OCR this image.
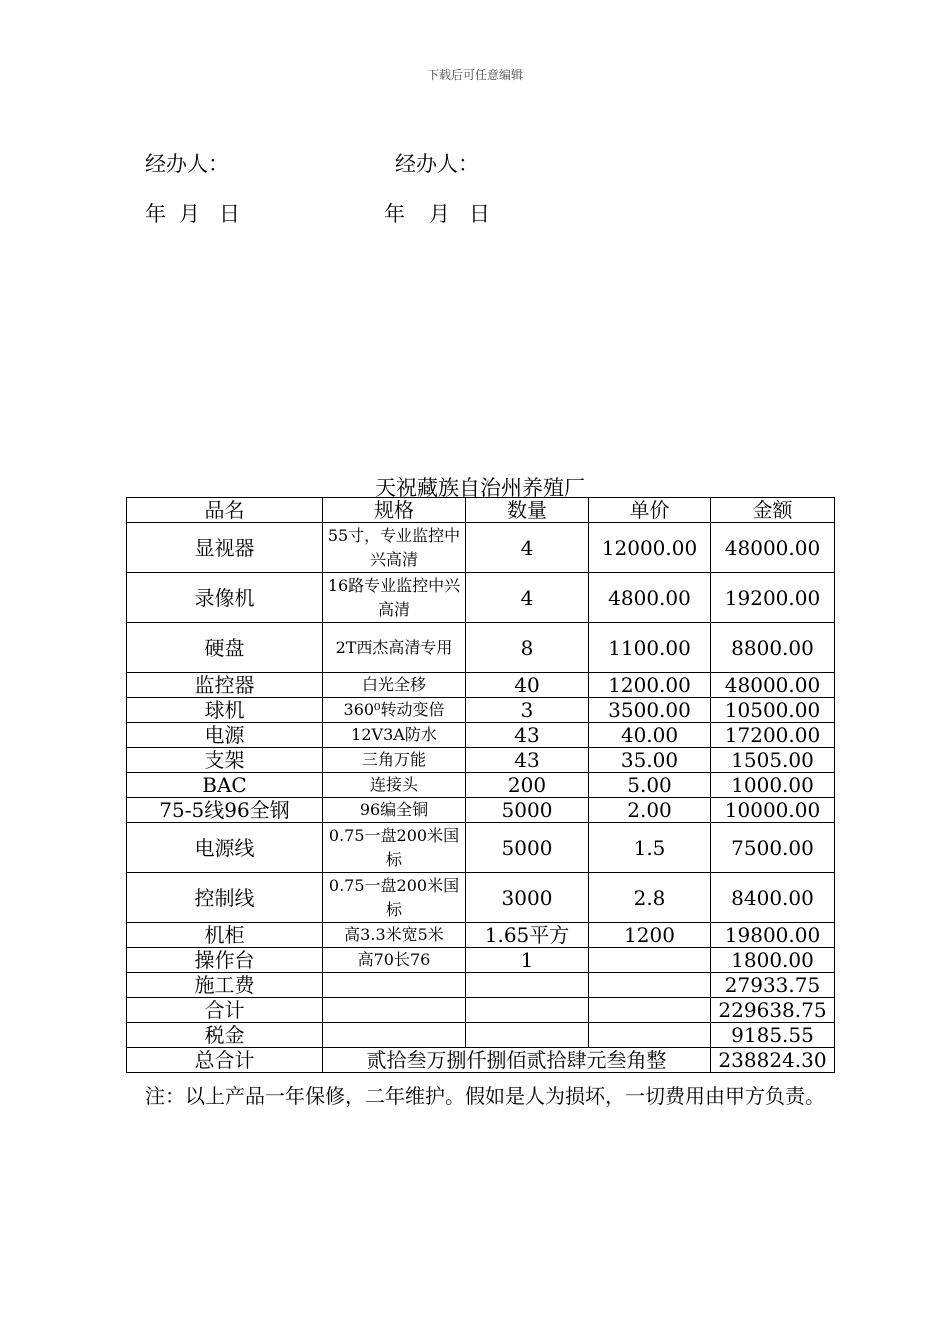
下载后可任意编辑
经办人：	经办人：
年 月 日	年 月 日
天祝藏族自治州养殖厂
品名	规格	数量	单价	金额
显视器	55寸，专业监控中兴高清	4	12000.00	48000.00
录像机	16路专业监控中兴高清	4	4800.00	19200.00
硬盘	2T西杰高清专用	8	1100.00	8800.00
监控器	白光全移	40	1200.00	48000.00
球机	360⁰转动变倍	3	3500.00	10500.00
电源	12V3A防水	43	40.00	17200.00
支架	三角万能	43	35.00	1505.00
BAC	连接头	200	5.00	1000.00
75-5线96全钢	96编全铜	5000	2.00	10000.00
电源线	0.75一盘200米国标	5000	1.5	7500.00
控制线	0.75一盘200米国标	3000	2.8	8400.00
机柜	高3.3米宽5米	1.65平方	1200	19800.00
操作台	高70长76	1		1800.00
施工费				27933.75
合计				229638.75
税金				9185.55
总合计	贰拾叁万捌仟捌佰贰拾肆元叁角整			238824.30
注：以上产品一年保修，二年维护。假如是人为损坏，一切费用由甲方负责。
